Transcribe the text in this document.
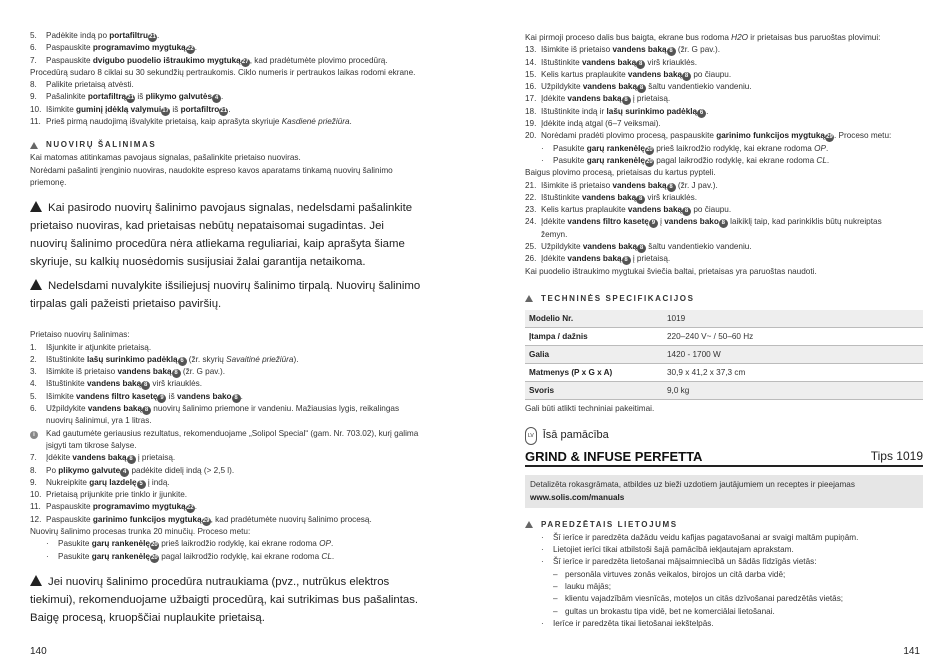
5. Padėkite indą po portafiltru21.
6. Paspauskite programavimo mygtuką22.
7. Paspauskite dvigubo puodelio ištraukimo mygtuką27, kad pradėtumėte plovimo procedūrą.
Procedūrą sudaro 8 ciklai su 30 sekundžių pertraukomis. Ciklo numeris ir pertraukos laikas rodomi ekrane.
8. Palikite prietaisą atvėsti.
9. Pašalinkite portafiltrą21 iš plikymo galvutės 4 .
10. Išimkite guminį įdėklą valymui17 iš portafiltro21.
11. Prieš pirmą naudojimą išvalykite prietaisą, kaip aprašyta skyriuje Kasdienė priežiūra.
NUOVIRŲ ŠALINIMAS
Kai matomas atitinkamas pavojaus signalas, pašalinkite prietaiso nuoviras.
Norėdami pašalinti įrenginio nuoviras, naudokite espreso kavos aparatams tinkamą nuovirų šalinimo
priemonę.
Kai pasirodo nuovirų šalinimo pavojaus signalas, nedelsdami pašalinkite
prietaiso nuoviras, kad prietaisas nebūtų nepataisomai sugadintas. Jei
nuovirų šalinimo procedūra nėra atliekama reguliariai, kaip aprašyta šiame
skyriuje, su kalkių nuosėdomis susijusiai žalai garantija netaikoma.
Nedelsdami nuvalykite išsiliejusį nuovirų šalinimo tirpalą. Nuovirų šalinimo
tirpalas gali pažeisti prietaiso paviršių.
Prietaiso nuovirų šalinimas:
1. Išjunkite ir atjunkite prietaisą.
2. Ištuštinkite lašų surinkimo padėklą 6 (žr. skyrių Savaitinė priežiūra).
3. Išimkite iš prietaiso vandens baką 8 (žr. G pav.).
4. Ištuštinkite vandens baką 8 virš kriauklės.
5. Išimkite vandens filtro kasetę 9 iš vandens bako 8 .
6. Užpildykite vandens baką 8 nuovirų šalinimo priemone ir vandeniu. Mažiausias lygis, reikalingas
nuovirų šalinimui, yra 1 litras.
i Kad gautumėte geriausius rezultatus, rekomenduojame „Solipol Special“ (gam. Nr. 703.02), kurį galima
įsigyti tam tikrose šalyse.
7. Įdėkite vandens baką 8 į prietaisą.
8. Po plikymo galvute 4 padėkite didelį indą (> 2,5 l).
9. Nukreipkite garų lazdelę 5 į indą.
10. Prietaisą prijunkite prie tinklo ir įjunkite.
11. Paspauskite programavimo mygtuką22.
12. Paspauskite garinimo funkcijos mygtuką29, kad pradėtumėte nuovirų šalinimo procesą.
Nuovirų šalinimo procesas trunka 20 minučių. Proceso metu:
· Pasukite garų rankenėlę20 prieš laikrodžio rodyklę, kai ekrane rodoma OP.
· Pasukite garų rankenėlę20 pagal laikrodžio rodyklę, kai ekrane rodoma CL.
Jei nuovirų šalinimo procedūra nutraukiama (pvz., nutrūkus elektros
tiekimui), rekomenduojame užbaigti procedūrą, kai sutrikimas bus pašalintas.
Baigę procesą, kruopščiai nuplaukite prietaisą.
140
Kai pirmoji proceso dalis bus baigta, ekrane bus rodoma H2O ir prietaisas bus paruoštas plovimui:
13. Išimkite iš prietaiso vandens baką 8 (žr. G pav.).
14. Ištuštinkite vandens baką 8 virš kriauklės.
15. Kelis kartus praplaukite vandens baką 8 po čiaupu.
16. Užpildykite vandens baką 8 šaltu vandentiekio vandeniu.
17. Įdėkite vandens baką 8 į prietaisą.
18. Ištuštinkite indą ir lašų surinkimo padėklą 6 .
19. Įdėkite indą atgal (6–7 veiksmai).
20. Norėdami pradėti plovimo procesą, paspauskite garinimo funkcijos mygtuką29. Proceso metu:
· Pasukite garų rankenėlę20 prieš laikrodžio rodyklę, kai ekrane rodoma OP.
· Pasukite garų rankenėlę20 pagal laikrodžio rodyklę, kai ekrane rodoma CL.
Baigus plovimo procesą, prietaisas du kartus pypteli.
21. Išimkite iš prietaiso vandens baką 8 (žr. J pav.).
22. Ištuštinkite vandens baką 8 virš kriauklės.
23. Kelis kartus praplaukite vandens baką 8 po čiaupu.
24. Įdėkite vandens filtro kasetę 9 į vandens bako 8 laikiklį taip, kad parinkiklis būtų nukreiptas
žemyn.
25. Užpildykite vandens baką 8 šaltu vandentiekio vandeniu.
26. Įdėkite vandens baką 8 į prietaisą.
Kai puodelio ištraukimo mygtukai šviečia baltai, prietaisas yra paruoštas naudoti.
TECHNINĖS SPECIFIKACIJOS
Modelio Nr.	1019
Įtampa / dažnis	220–240 V~ / 50–60 Hz
Galia	1420 - 1700 W
Matmenys (P x G x A)	30,9 x 41,2 x 37,3 cm
Svoris	9,0 kg
Gali būti atlikti techniniai pakeitimai.
LV Īsā pamācība
GRIND & INFUSE PERFETTA	Tips 1019
Detalizēta rokasgrāmata, atbildes uz bieži uzdotiem jautājumiem un receptes ir pieejamas
www.solis.com/manuals
PAREDZĒTAIS LIETOJUMS
· Šī ierīce ir paredzēta dažādu veidu kafijas pagatavošanai ar svaigi maltām pupiņām.
· Lietojiet ierīci tikai atbilstoši šajā pamācībā iekļautajam aprakstam.
· Šī ierīce ir paredzēta lietošanai mājsaimniecībā un šādās līdzīgās vietās:
– personāla virtuves zonās veikalos, birojos un citā darba vidē;
– lauku mājās;
– klientu vajadzībām viesnīcās, moteļos un citās dzīvošanai paredzētās vietās;
– gultas un brokastu tipa vidē, bet ne komerciālai lietošanai.
· Ierīce ir paredzēta tikai lietošanai iekštelpās.
141
